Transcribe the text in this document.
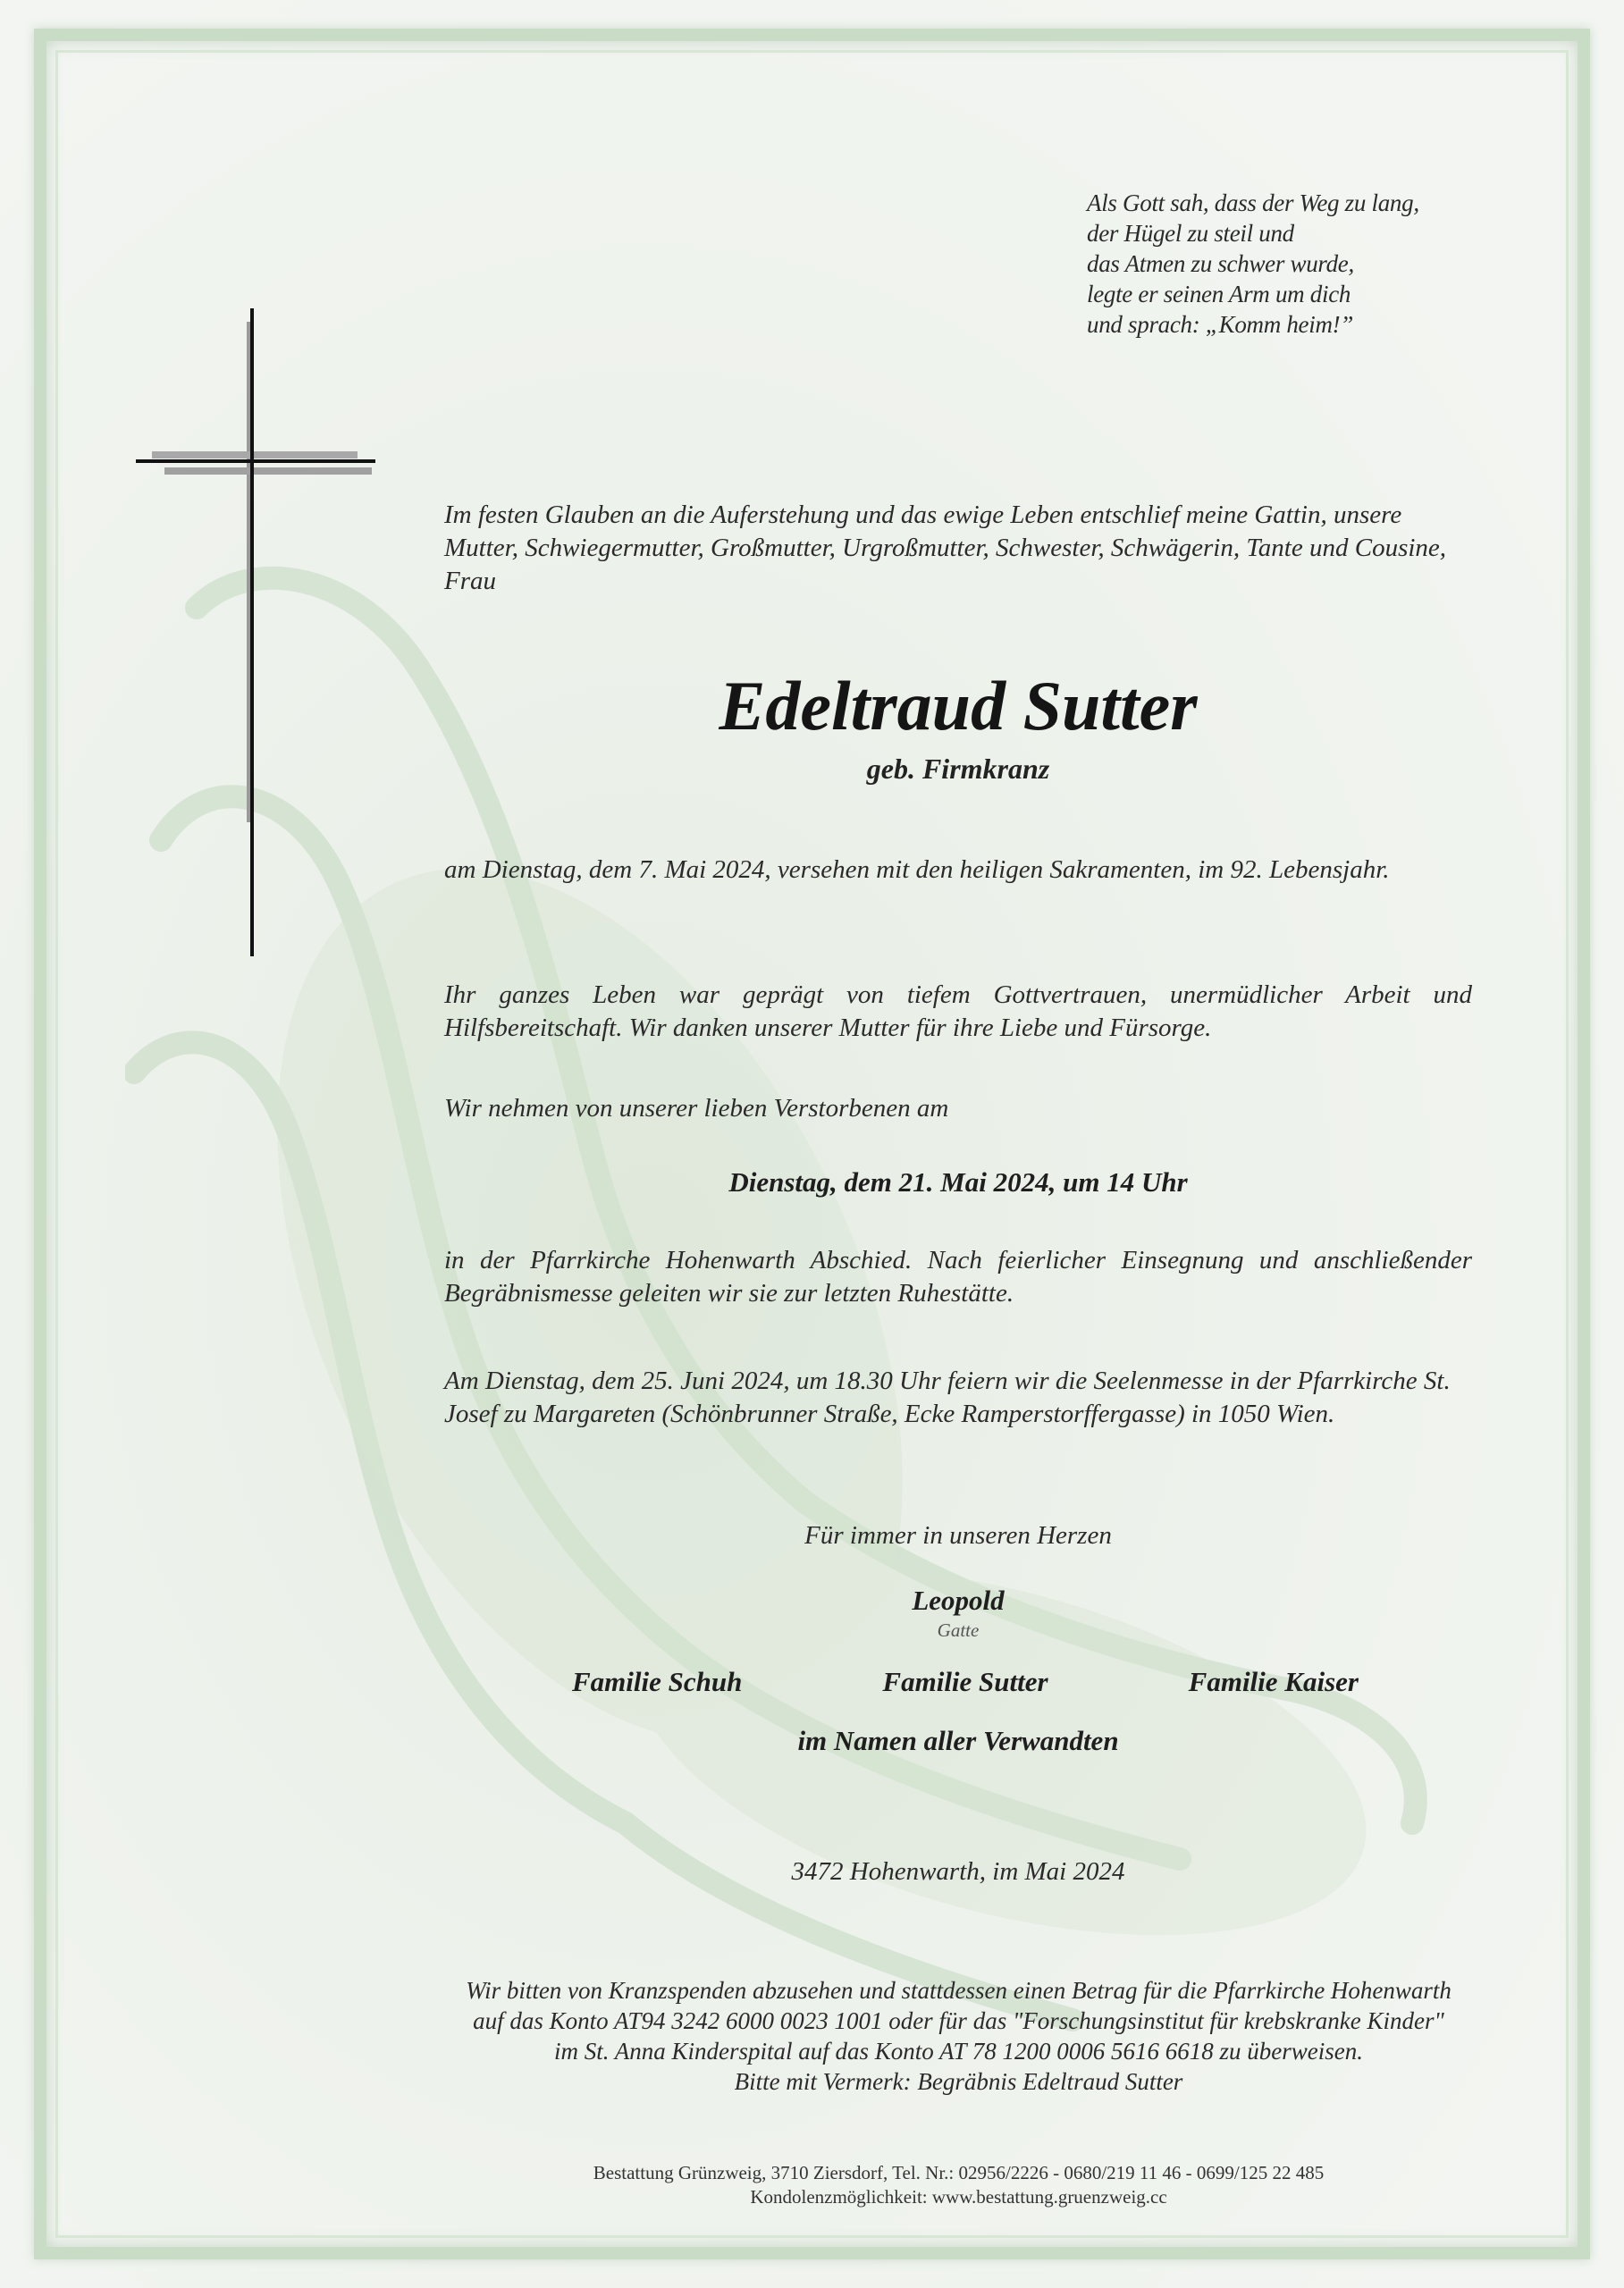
Als Gott sah, dass der Weg zu lang,
der Hügel zu steil und
das Atmen zu schwer wurde,
legte er seinen Arm um dich
und sprach: „Komm heim!”
Im festen Glauben an die Auferstehung und das ewige Leben entschlief meine Gattin, unsere Mutter, Schwiegermutter, Großmutter, Urgroßmutter, Schwester, Schwägerin, Tante und Cousine, Frau
Edeltraud Sutter
geb. Firmkranz
am Dienstag, dem 7. Mai 2024, versehen mit den heiligen Sakramenten, im 92. Lebensjahr.
Ihr ganzes Leben war geprägt von tiefem Gottvertrauen, unermüdlicher Arbeit und Hilfsbereitschaft. Wir danken unserer Mutter für ihre Liebe und Fürsorge.
Wir nehmen von unserer lieben Verstorbenen am
Dienstag, dem 21. Mai 2024, um 14 Uhr
in der Pfarrkirche Hohenwarth Abschied. Nach feierlicher Einsegnung und anschließender Begräbnismesse geleiten wir sie zur letzten Ruhestätte.
Am Dienstag, dem 25. Juni 2024, um 18.30 Uhr feiern wir die Seelenmesse in der Pfarrkirche St. Josef zu Margareten (Schönbrunner Straße, Ecke Ramperstorffergasse) in 1050 Wien.
Für immer in unseren Herzen
Leopold
Gatte
Familie Schuh	Familie Sutter	Familie Kaiser
im Namen aller Verwandten
3472 Hohenwarth, im Mai 2024
Wir bitten von Kranzspenden abzusehen und stattdessen einen Betrag für die Pfarrkirche Hohenwarth
auf das Konto AT94 3242 6000 0023 1001 oder für das "Forschungsinstitut für krebskranke Kinder"
im St. Anna Kinderspital auf das Konto AT 78 1200 0006 5616 6618 zu überweisen.
Bitte mit Vermerk: Begräbnis Edeltraud Sutter
Bestattung Grünzweig, 3710 Ziersdorf, Tel. Nr.: 02956/2226 - 0680/219 11 46 - 0699/125 22 485
Kondolenzmöglichkeit: www.bestattung.gruenzweig.cc
